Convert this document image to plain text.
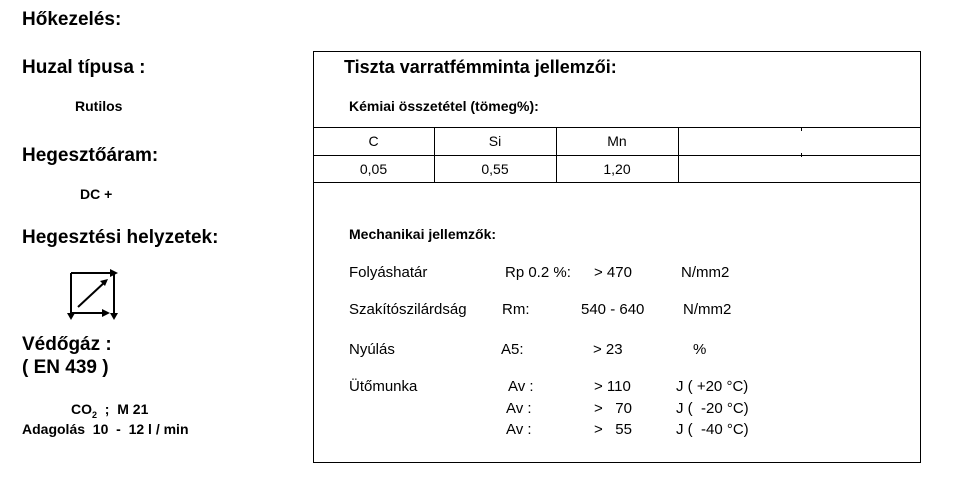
Hőkezelés:
Huzal típusa :
Rutilos
Hegesztőáram:
DC +
Hegesztési helyzetek:
Védőgáz :
( EN 439 )
$CO_2$  ;  M 21
Adagolás  10  -  12 l / min
Tiszta varratfémminta jellemzői:
Kémiai összetétel (tömeg%):
C	Si	Mn
0,05	0,55	1,20
Mechanikai jellemzők:
Folyáshatár	Rp 0.2 %: > 470	N/mm2
Szakítószilárdság Rm:	540 - 640	N/mm2
Nyúlás	A5:	> 23	%
Ütőmunka	Av :	> 110	J ( +20 °C)
Av :	>   70	J (  -20 °C)
Av :	>   55	J (  -40 °C)
